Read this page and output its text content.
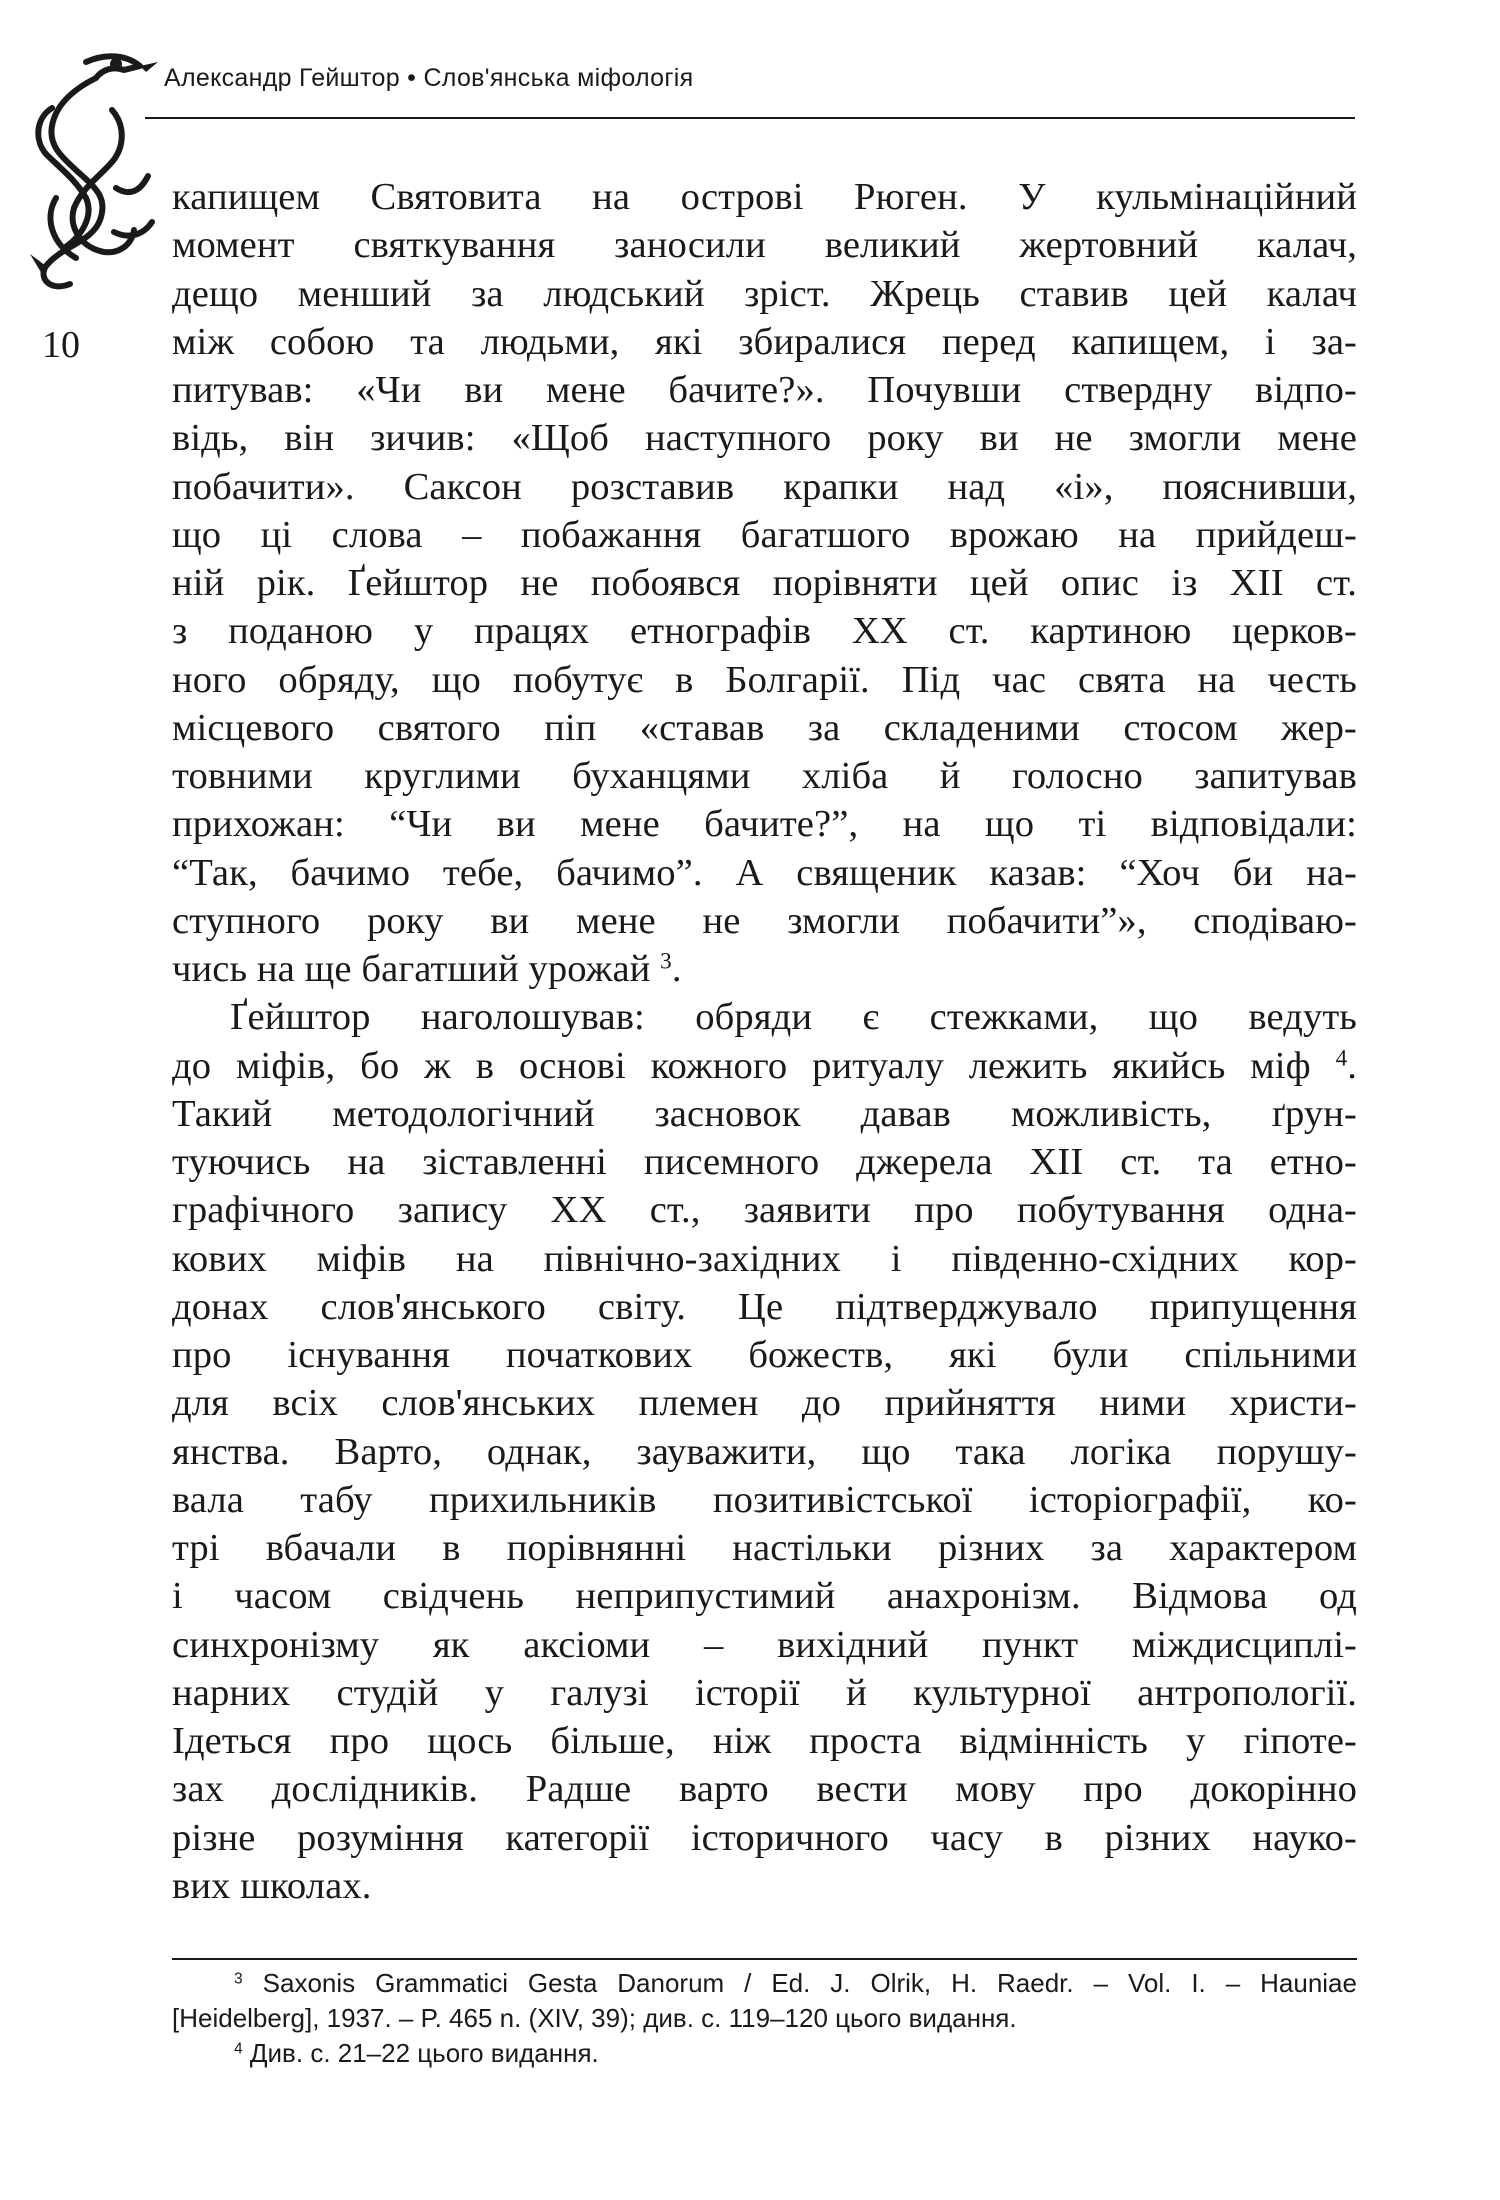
Александр Гейштор • Слов'янська міфологія
10
капищем Святовита на острові Рюген. У кульмінаційний
момент святкування заносили великий жертовний калач,
дещо менший за людський зріст. Жрець ставив цей калач
між собою та людьми, які збиралися перед капищем, і за-
питував: «Чи ви мене бачите?». Почувши ствердну відпо-
відь, він зичив: «Щоб наступного року ви не змогли мене
побачити». Саксон розставив крапки над «і», пояснивши,
що ці слова – побажання багатшого врожаю на прийдеш-
ній рік. Ґейштор не побоявся порівняти цей опис із XII ст.
з поданою у працях етнографів XX ст. картиною церков-
ного обряду, що побутує в Болгарії. Під час свята на честь
місцевого святого піп «ставав за складеними стосом жер-
товними круглими буханцями хліба й голосно запитував
прихожан: “Чи ви мене бачите?”, на що ті відповідали:
“Так, бачимо тебе, бачимо”. А священик казав: “Хоч би на-
ступного року ви мене не змогли побачити”», сподіваю-
чись на ще багатший урожай $^3$.
Ґейштор наголошував: обряди є стежками, що ведуть
до міфів, бо ж в основі кожного ритуалу лежить якийсь міф $^4$.
Такий методологічний засновок давав можливість, ґрун-
туючись на зіставленні писемного джерела XII ст. та етно-
графічного запису XX ст., заявити про побутування однa-
кових міфів на північно-західних і південно-східних кор-
донах слов'янського світу. Це підтверджувало припущення
про існування початкових божеств, які були спільними
для всіх слов'янських племен до прийняття ними христи-
янства. Варто, однак, зауважити, що така логіка порушу-
вала табу прихильників позитивістської історіографії, ко-
трі вбачали в порівнянні настільки різних за характером
і часом свідчень неприпустимий анахронізм. Відмова од
синхронізму як аксіоми – вихідний пункт міждисциплі-
нарних студій у галузі історії й культурної антропології.
Ідеться про щось більше, ніж проста відмінність у гіпоте-
зах дослідників. Радше варто вести мову про докорінно
різне розуміння категорії історичного часу в різних науко-
вих школах.
$^3$ Saxonis Grammatici Gesta Danorum / Ed. J. Olrik, H. Raedr. – Vol. I. – Hauniae
[Heidelberg], 1937. – P. 465 n. (XIV, 39); див. с. 119–120 цього видання.
$^4$ Див. с. 21–22 цього видання.
